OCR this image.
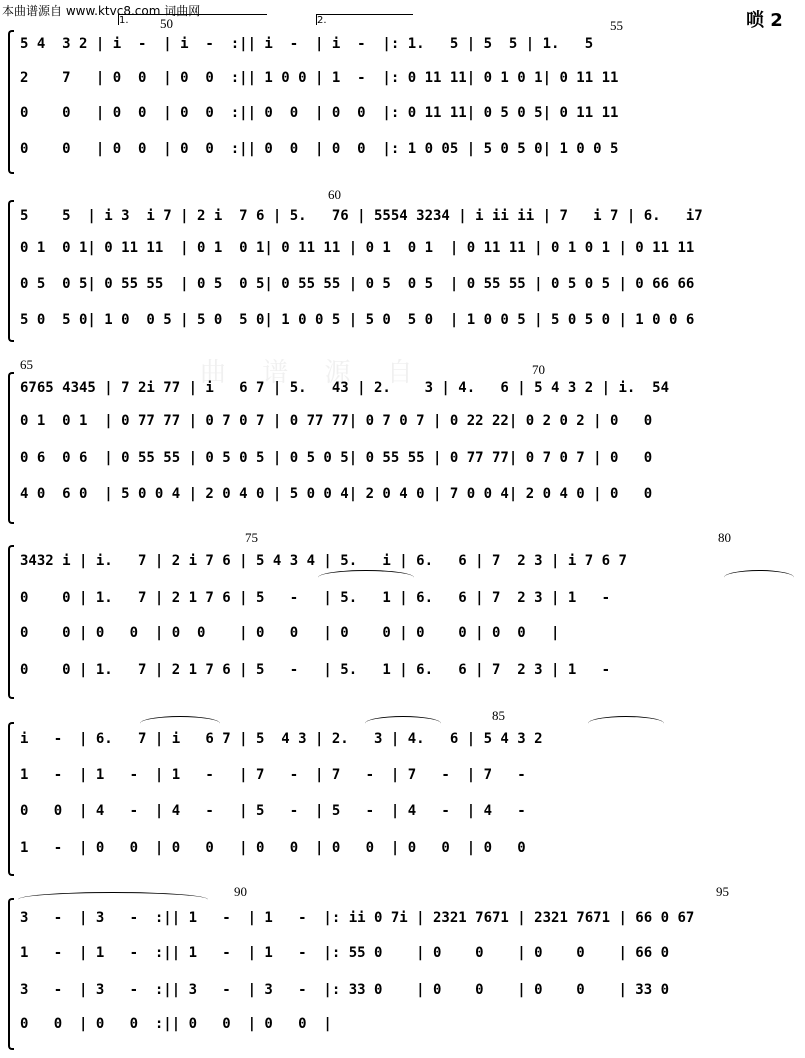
本曲谱源自 www.ktvc8.com 词曲网	唢 2
曲 谱 源 自
1.	2.
50	55
5 4  3 2 | i  -  | i  -  :|| i  -  | i  -  |: 1.   5 | 5  5 | 1.   5
2    7   | 0  0  | 0  0  :|| 1 0 0 | 1  -  |: 0 11 11| 0 1 0 1| 0 11 11
0    0   | 0  0  | 0  0  :|| 0  0  | 0  0  |: 0 11 11| 0 5 0 5| 0 11 11
0    0   | 0  0  | 0  0  :|| 0  0  | 0  0  |: 1 0 05 | 5 0 5 0| 1 0 0 5
60
5    5  | i 3  i 7 | 2 i  7 6 | 5.   76 | 5554 3234 | i ii ii | 7   i 7 | 6.   i7
0 1  0 1| 0 11 11  | 0 1  0 1| 0 11 11 | 0 1  0 1  | 0 11 11 | 0 1 0 1 | 0 11 11
0 5  0 5| 0 55 55  | 0 5  0 5| 0 55 55 | 0 5  0 5  | 0 55 55 | 0 5 0 5 | 0 66 66
5 0  5 0| 1 0  0 5 | 5 0  5 0| 1 0 0 5 | 5 0  5 0  | 1 0 0 5 | 5 0 5 0 | 1 0 0 6
65	70
6765 4345 | 7 2i 77 | i   6 7 | 5.   43 | 2.    3 | 4.   6 | 5 4 3 2 | i.  54
0 1  0 1  | 0 77 77 | 0 7 0 7 | 0 77 77| 0 7 0 7 | 0 22 22| 0 2 0 2 | 0   0
0 6  0 6  | 0 55 55 | 0 5 0 5 | 0 5 0 5| 0 55 55 | 0 77 77| 0 7 0 7 | 0   0
4 0  6 0  | 5 0 0 4 | 2 0 4 0 | 5 0 0 4| 2 0 4 0 | 7 0 0 4| 2 0 4 0 | 0   0
75	80
3432 i | i.   7 | 2 i 7 6 | 5 4 3 4 | 5.   i | 6.   6 | 7  2 3 | i 7 6 7
0    0 | 1.   7 | 2 1 7 6 | 5   -   | 5.   1 | 6.   6 | 7  2 3 | 1   -
0    0 | 0   0  | 0  0    | 0   0   | 0    0 | 0    0 | 0  0   |
0    0 | 1.   7 | 2 1 7 6 | 5   -   | 5.   1 | 6.   6 | 7  2 3 | 1   -
85
i   -  | 6.   7 | i   6 7 | 5  4 3 | 2.   3 | 4.   6 | 5 4 3 2
1   -  | 1   -  | 1   -   | 7   -  | 7   -  | 7   -  | 7   -
0   0  | 4   -  | 4   -   | 5   -  | 5   -  | 4   -  | 4   -
1   -  | 0   0  | 0   0   | 0   0  | 0   0  | 0   0  | 0   0
90	95
3   -  | 3   -  :|| 1   -  | 1   -  |: ii 0 7i | 2321 7671 | 2321 7671 | 66 0 67
1   -  | 1   -  :|| 1   -  | 1   -  |: 55 0    | 0    0    | 0    0    | 66 0
3   -  | 3   -  :|| 3   -  | 3   -  |: 33 0    | 0    0    | 0    0    | 33 0
0   0  | 0   0  :|| 0   0  | 0   0  |
